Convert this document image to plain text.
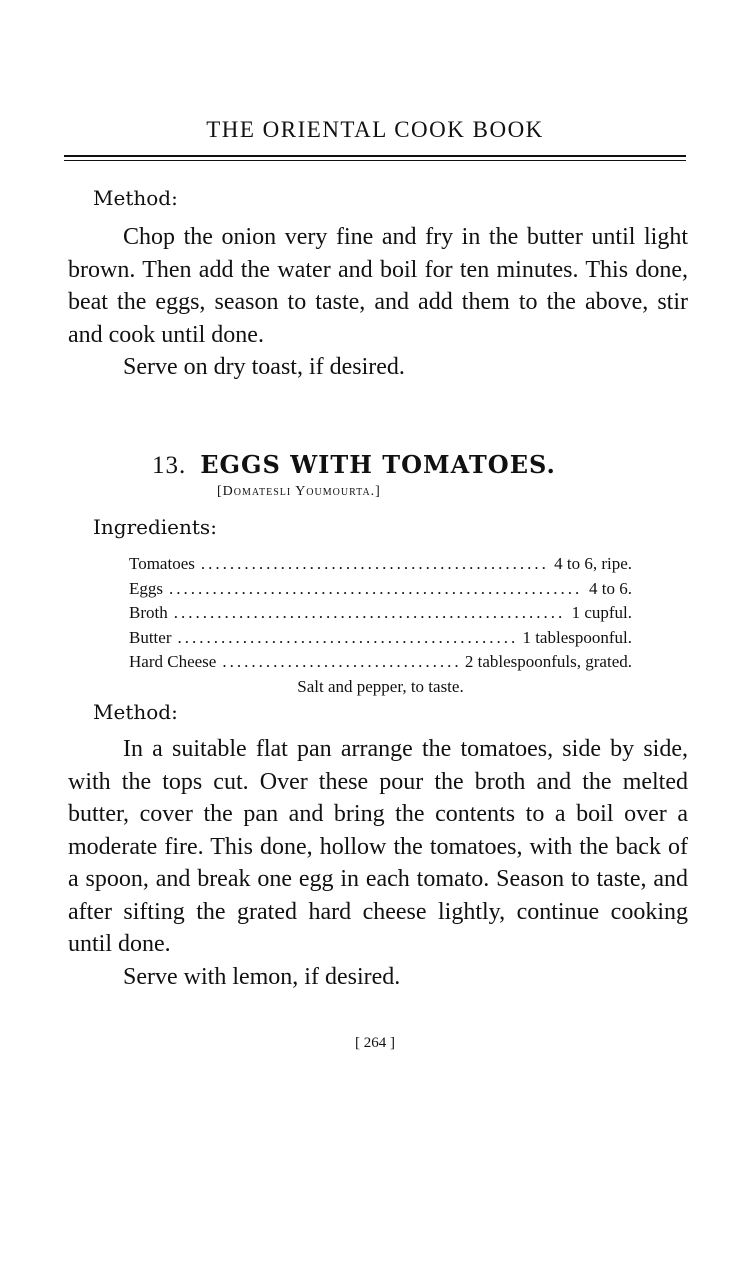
THE ORIENTAL COOK BOOK
Method:

Chop the onion very fine and fry in the butter until light brown. Then add the water and boil for ten minutes. This done, beat the eggs, season to taste, and add them to the above, stir and cook until done.

Serve on dry toast, if desired.

13. EGGS WITH TOMATOES.
[Domatesli Youmourta.]
Ingredients:
Tomatoes .....	4 to 6, ripe.
Eggs .....	4 to 6.
Broth .....	1 cupful.
Butter .....	1 tablespoonful.
Hard Cheese .....	2 tablespoonfuls, grated.
Salt and pepper, to taste.
Method:

In a suitable flat pan arrange the tomatoes, side by side, with the tops cut. Over these pour the broth and the melted butter, cover the pan and bring the contents to a boil over a moderate fire. This done, hollow the tomatoes, with the back of a spoon, and break one egg in each tomato. Season to taste, and after sifting the grated hard cheese lightly, continue cooking until done.

Serve with lemon, if desired.

[ 264 ]
